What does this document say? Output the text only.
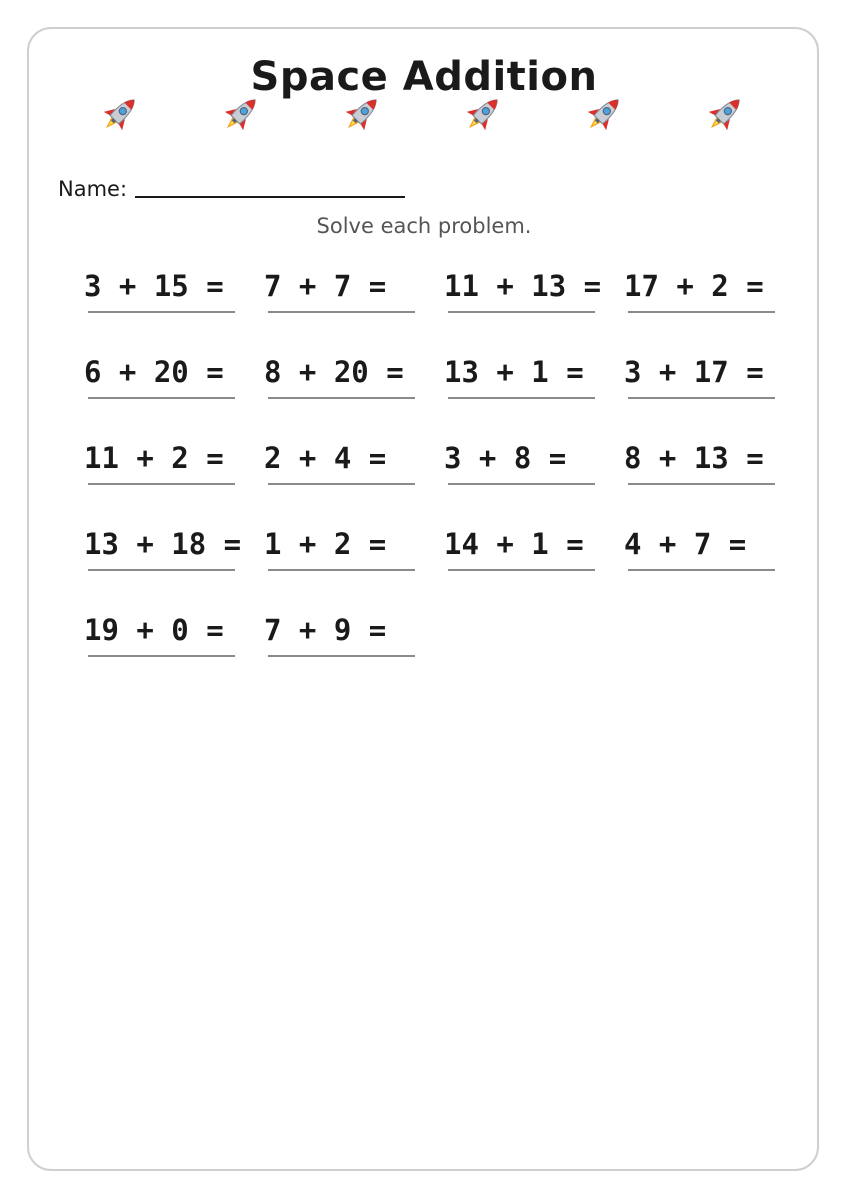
Space Addition
Name:
Solve each problem.
3 + 15 = 7 + 7 = 11 + 13 = 17 + 2 =
6 + 20 = 8 + 20 = 13 + 1 = 3 + 17 =
11 + 2 = 2 + 4 = 3 + 8 = 8 + 13 =
13 + 18 = 1 + 2 = 14 + 1 = 4 + 7 =
19 + 0 = 7 + 9 =
